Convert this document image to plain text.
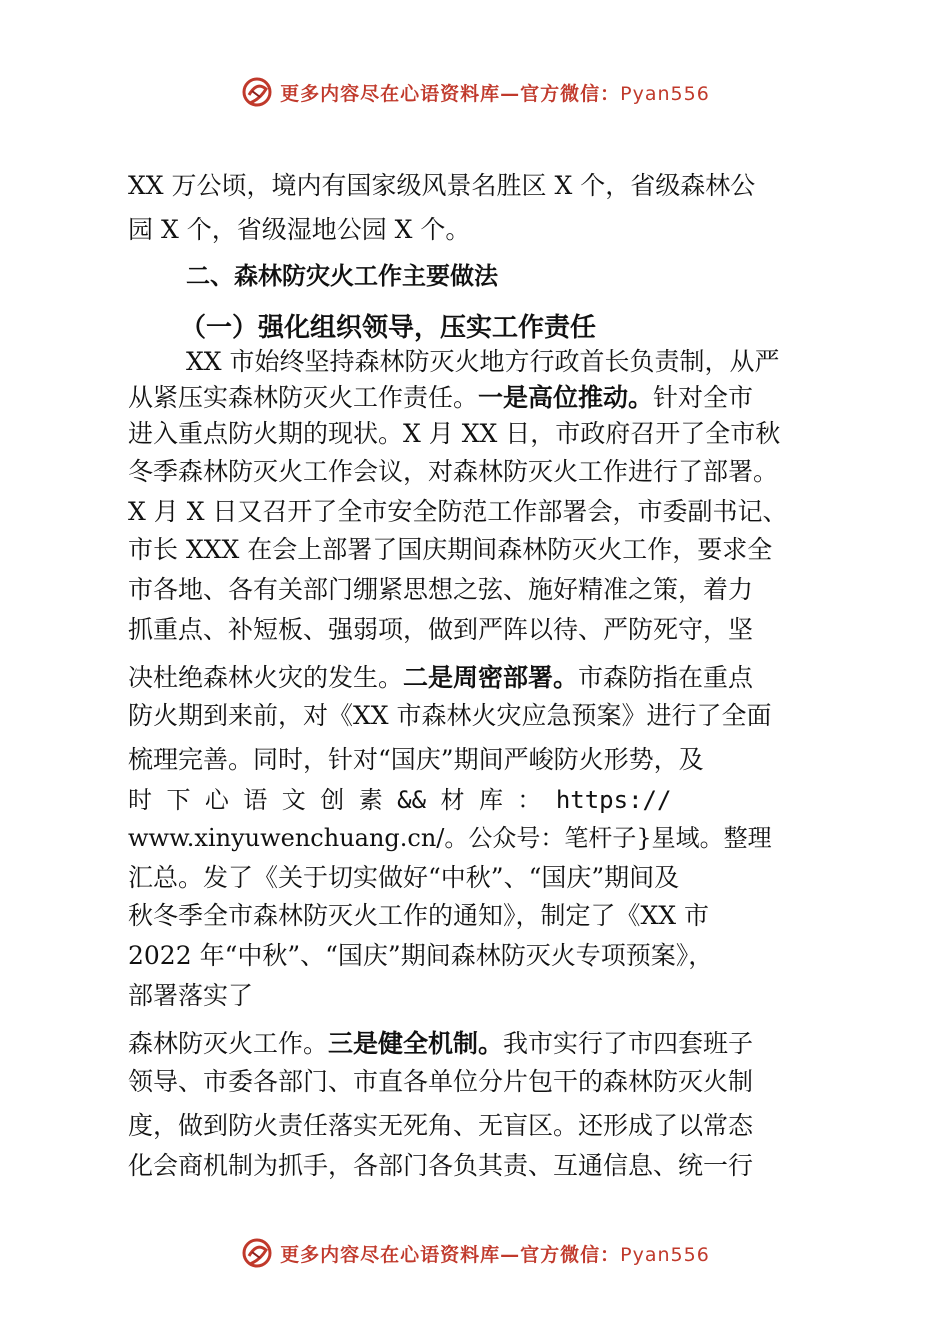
更多内容尽在心语资料库—官方微信：Pyan556
XX 万公顷，境内有国家级风景名胜区 X 个，省级森林公
园 X 个，省级湿地公园 X 个。
二、森林防灾火工作主要做法
（一）强化组织领导，压实工作责任
XX 市始终坚持森林防灭火地方行政首长负责制，从严
从紧压实森林防灭火工作责任。一是高位推动。针对全市
进入重点防火期的现状。X 月 XX 日，市政府召开了全市秋
冬季森林防灭火工作会议，对森林防灭火工作进行了部署。
X 月 X 日又召开了全市安全防范工作部署会，市委副书记、
市长 XXX 在会上部署了国庆期间森林防灭火工作，要求全
市各地、各有关部门绷紧思想之弦、施好精准之策，着力
抓重点、补短板、强弱项，做到严阵以待、严防死守，坚
决杜绝森林火灾的发生。二是周密部署。市森防指在重点
防火期到来前，对《XX 市森林火灾应急预案》进行了全面
梳理完善。同时，针对“国庆”期间严峻防火形势，及
时 下 心 语 文 创 素 && 材 库 ： https://
www.xinyuwenchuang.cn/。公众号：笔杆子}星域。整理
汇总。发了《关于切实做好“中秋”、“国庆”期间及
秋冬季全市森林防灭火工作的通知》，制定了《XX 市
2022 年“中秋”、“国庆”期间森林防灭火专项预案》，
部署落实了
森林防灭火工作。三是健全机制。我市实行了市四套班子
领导、市委各部门、市直各单位分片包干的森林防灭火制
度，做到防火责任落实无死角、无盲区。还形成了以常态
化会商机制为抓手，各部门各负其责、互通信息、统一行
更多内容尽在心语资料库—官方微信：Pyan556
